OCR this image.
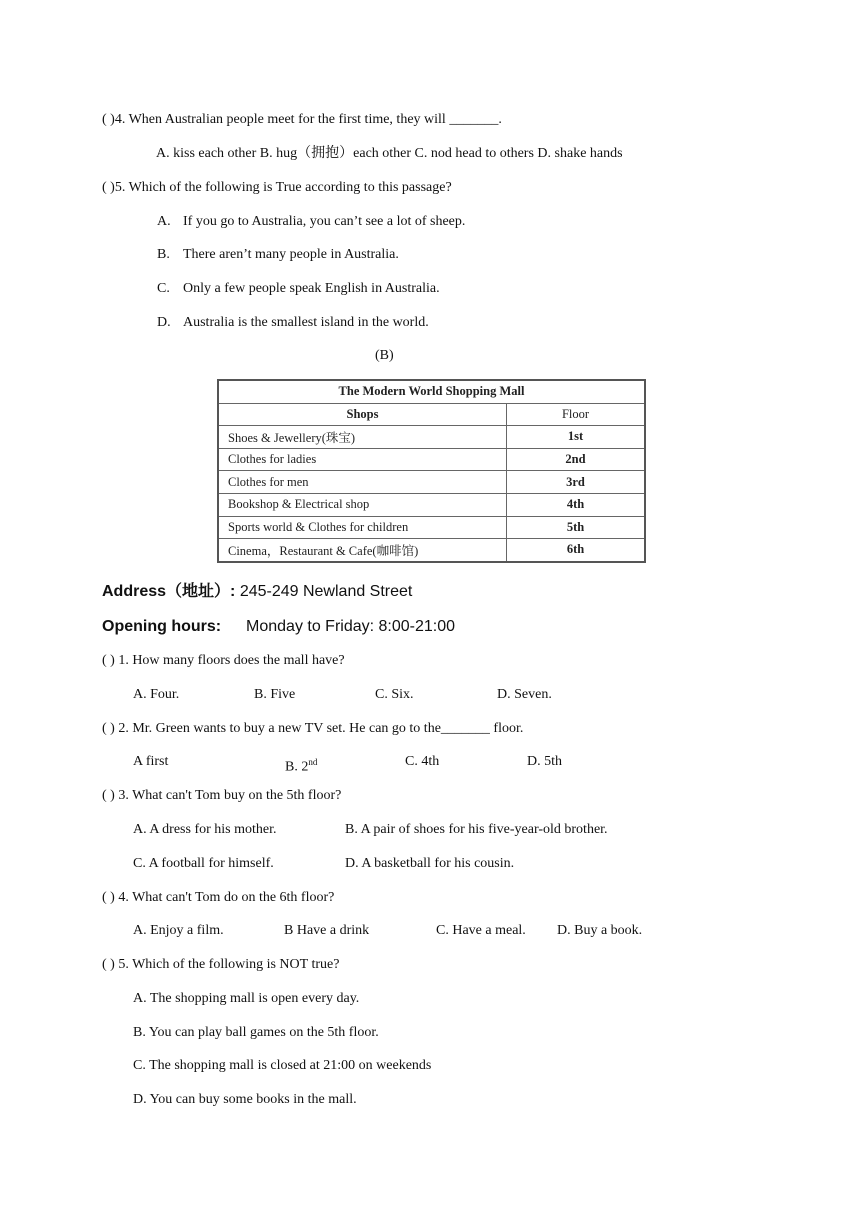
( )4. When Australian people meet for the first time, they will _______.
A. kiss each other B. hug（拥抱）each other C. nod head to others D. shake hands
( )5. Which of the following is True according to this passage?
A. If you go to Australia, you can’t see a lot of sheep.
B. There aren’t many people in Australia.
C. Only a few people speak English in Australia.
D. Australia is the smallest island in the world.
(B)
The Modern World Shopping Mall	
Shops	Floor
Shoes & Jewellery(珠宝)	1st
Clothes for ladies	2nd
Clothes for men	3rd
Bookshop & Electrical shop	4th
Sports world & Clothes for children	5th
Cinema，Restaurant & Cafe(咖啡馆)	6th
Address（地址）: 245-249 Newland Street
Opening hours: Monday to Friday: 8:00-21:00
( ) 1. How many floors does the mall have?
A. Four.	B. Five	C. Six.	D. Seven.
( ) 2. Mr. Green wants to buy a new TV set. He can go to the_______ floor.
A first	B. 2nd	C. 4th	D. 5th
( ) 3. What can't Tom buy on the 5th floor?
A. A dress for his mother.	B. A pair of shoes for his five-year-old brother.
C. A football for himself.	D. A basketball for his cousin.
( ) 4. What can't Tom do on the 6th floor?
A. Enjoy a film.	B Have a drink	C. Have a meal. D. Buy a book.
( ) 5. Which of the following is NOT true?
A. The shopping mall is open every day.
B. You can play ball games on the 5th floor.
C. The shopping mall is closed at 21:00 on weekends
D. You can buy some books in the mall.
